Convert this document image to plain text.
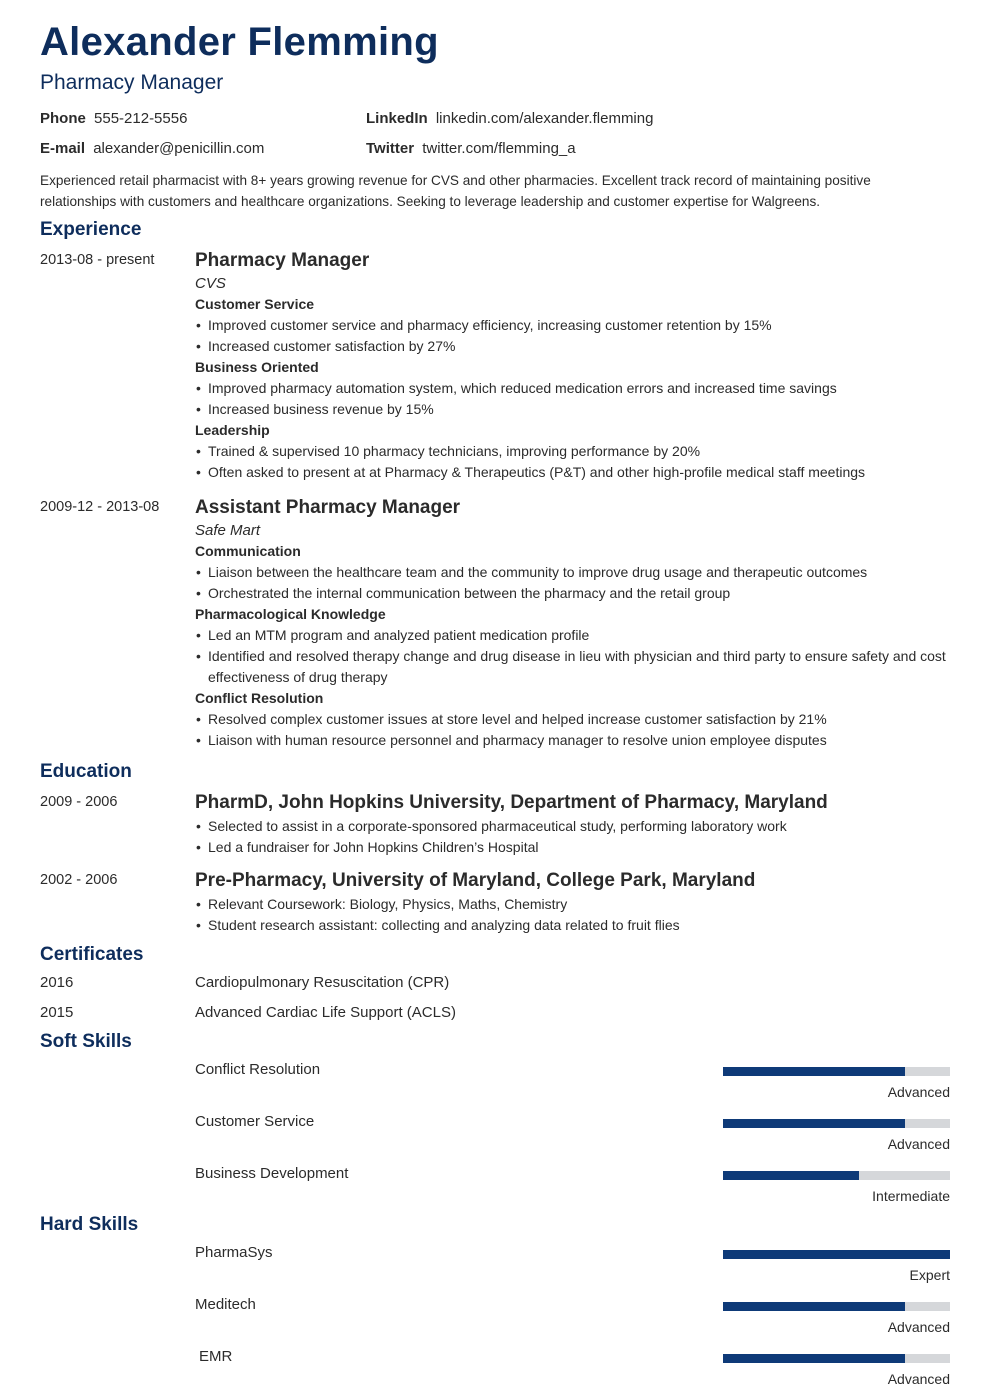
Alexander Flemming
Pharmacy Manager
Phone 555-212-5556	LinkedIn linkedin.com/alexander.flemming
E-mail alexander@penicillin.com	Twitter twitter.com/flemming_a
Experienced retail pharmacist with 8+ years growing revenue for CVS and other pharmacies. Excellent track record of maintaining positive relationships with customers and healthcare organizations. Seeking to leverage leadership and customer expertise for Walgreens.
Experience
2013-08 - present Pharmacy Manager
CVS
Customer Service
• Improved customer service and pharmacy efficiency, increasing customer retention by 15%
• Increased customer satisfaction by 27%
Business Oriented
• Improved pharmacy automation system, which reduced medication errors and increased time savings
• Increased business revenue by 15%
Leadership
• Trained & supervised 10 pharmacy technicians, improving performance by 20%
• Often asked to present at at Pharmacy & Therapeutics (P&T) and other high-profile medical staff meetings
2009-12 - 2013-08 Assistant Pharmacy Manager
Safe Mart
Communication
• Liaison between the healthcare team and the community to improve drug usage and therapeutic outcomes
• Orchestrated the internal communication between the pharmacy and the retail group
Pharmacological Knowledge
• Led an MTM program and analyzed patient medication profile
• Identified and resolved therapy change and drug disease in lieu with physician and third party to ensure safety and cost effectiveness of drug therapy
Conflict Resolution
• Resolved complex customer issues at store level and helped increase customer satisfaction by 21%
• Liaison with human resource personnel and pharmacy manager to resolve union employee disputes
Education
2009 - 2006	PharmD, John Hopkins University, Department of Pharmacy, Maryland
• Selected to assist in a corporate-sponsored pharmaceutical study, performing laboratory work
• Led a fundraiser for John Hopkins Children’s Hospital
2002 - 2006	Pre-Pharmacy, University of Maryland, College Park, Maryland
• Relevant Coursework: Biology, Physics, Maths, Chemistry
• Student research assistant: collecting and analyzing data related to fruit flies
Certificates
2016	Cardiopulmonary Resuscitation (CPR)
2015	Advanced Cardiac Life Support (ACLS)
Soft Skills
Conflict Resolution
Advanced
Customer Service
Advanced
Business Development
Intermediate
Hard Skills
PharmaSys
Expert
Meditech
Advanced
EMR
Advanced
